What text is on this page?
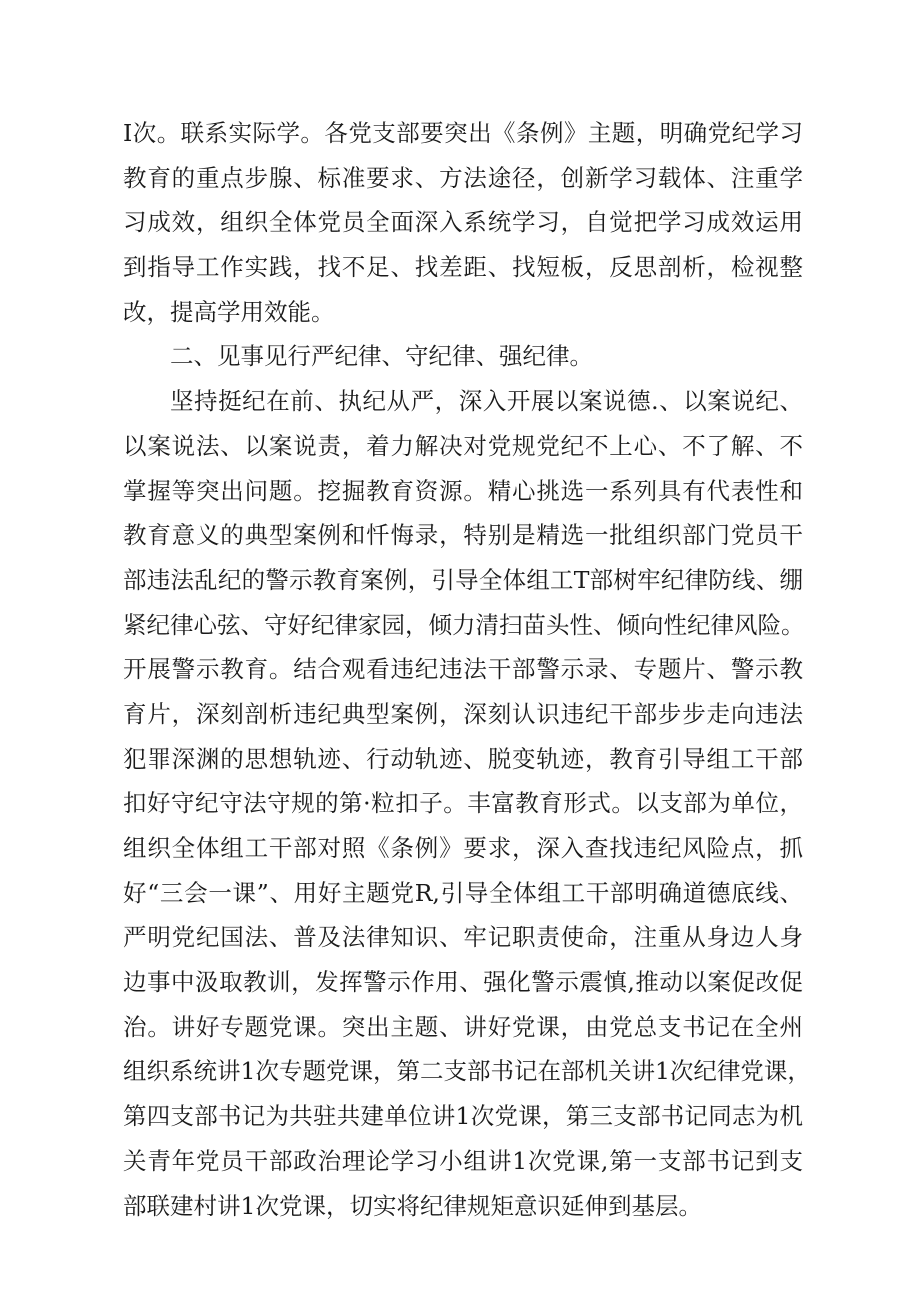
I次。联系实际学。各党支部要突出《条例》主题，明确党纪学习
教育的重点步腺、标准要求、方法途径，创新学习载体、注重学
习成效，组织全体党员全面深入系统学习，自觉把学习成效运用
到指导工作实践，找不足、找差距、找短板，反思剖析，检视整
改，提高学用效能。
二、见事见行严纪律、守纪律、强纪律。
坚持挺纪在前、执纪从严，深入开展以案说德.、以案说纪、
以案说法、以案说责，着力解决对党规党纪不上心、不了解、不
掌握等突出问题。挖掘教育资源。精心挑选一系列具有代表性和
教育意义的典型案例和忏悔录，特别是精选一批组织部门党员干
部违法乱纪的警示教育案例，引导全体组工T部树牢纪律防线、绷
紧纪律心弦、守好纪律家园，倾力清扫苗头性、倾向性纪律风险。
开展警示教育。结合观看违纪违法干部警示录、专题片、警示教
育片，深刻剖析违纪典型案例，深刻认识违纪干部步步走向违法
犯罪深渊的思想轨迹、行动轨迹、脱变轨迹，教育引导组工干部
扣好守纪守法守规的第·粒扣子。丰富教育形式。以支部为单位，
组织全体组工干部对照《条例》要求，深入查找违纪风险点，抓
好“三会一课”、用好主题党R,引导全体组工干部明确道德底线、
严明党纪国法、普及法律知识、牢记职责使命，注重从身边人身
边事中汲取教训，发挥警示作用、强化警示震慎,推动以案促改促
治。讲好专题党课。突出主题、讲好党课，由党总支书记在全州
组织系统讲1次专题党课，第二支部书记在部机关讲1次纪律党课，
第四支部书记为共驻共建单位讲1次党课，第三支部书记同志为机
关青年党员干部政治理论学习小组讲1次党课,第一支部书记到支
部联建村讲1次党课，切实将纪律规矩意识延伸到基层。
